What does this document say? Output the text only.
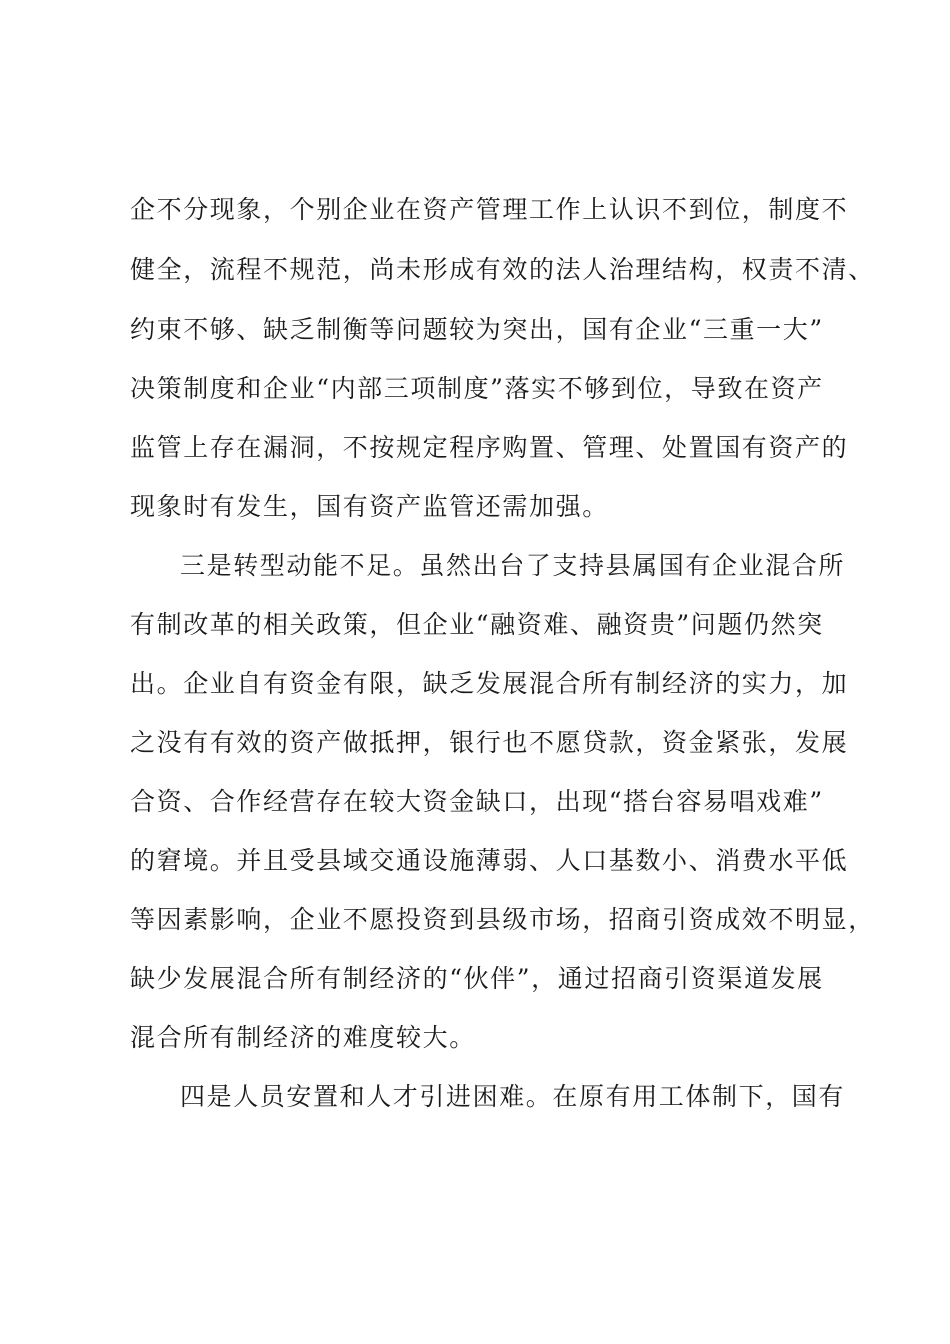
企不分现象，个别企业在资产管理工作上认识不到位，制度不
健全，流程不规范，尚未形成有效的法人治理结构，权责不清、
约束不够、缺乏制衡等问题较为突出，国有企业“三重一大”
决策制度和企业“内部三项制度”落实不够到位，导致在资产
监管上存在漏洞，不按规定程序购置、管理、处置国有资产的
现象时有发生，国有资产监管还需加强。
三是转型动能不足。虽然出台了支持县属国有企业混合所
有制改革的相关政策，但企业“融资难、融资贵”问题仍然突
出。企业自有资金有限，缺乏发展混合所有制经济的实力，加
之没有有效的资产做抵押，银行也不愿贷款，资金紧张，发展
合资、合作经营存在较大资金缺口，出现“搭台容易唱戏难”
的窘境。并且受县域交通设施薄弱、人口基数小、消费水平低
等因素影响，企业不愿投资到县级市场，招商引资成效不明显，
缺少发展混合所有制经济的“伙伴”，通过招商引资渠道发展
混合所有制经济的难度较大。
四是人员安置和人才引进困难。在原有用工体制下，国有
